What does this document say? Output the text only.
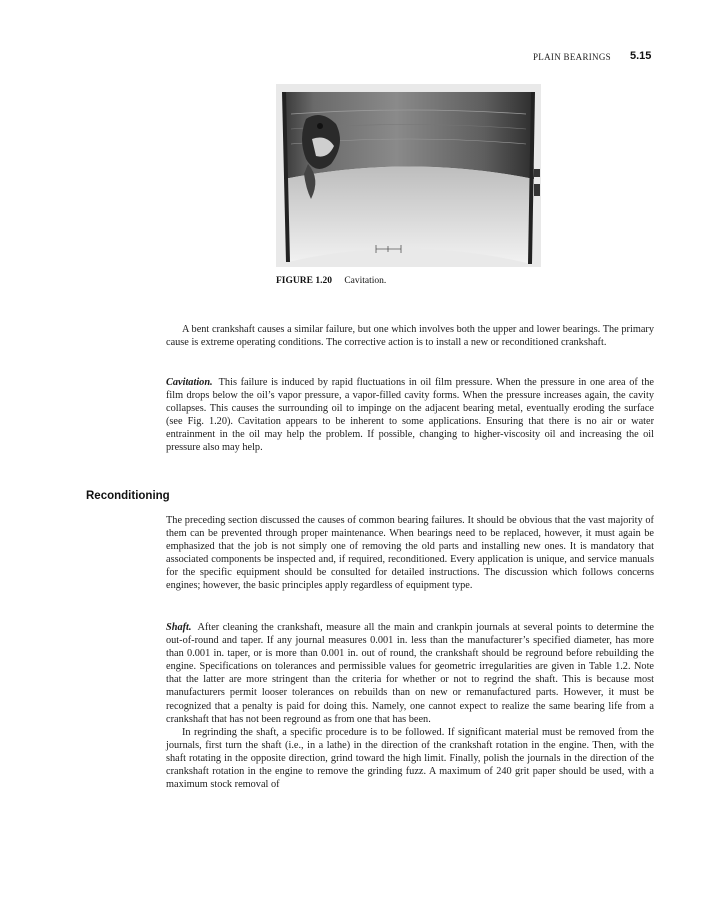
PLAIN BEARINGS 5.15
FIGURE 1.20 Cavitation.

A bent crankshaft causes a similar failure, but one which involves both the upper and lower bearings. The primary cause is extreme operating conditions. The corrective action is to install a new or reconditioned crankshaft.

Cavitation. This failure is induced by rapid fluctuations in oil film pressure. When the pressure in one area of the film drops below the oil’s vapor pressure, a vapor-filled cavity forms. When the pressure increases again, the cavity collapses. This causes the surrounding oil to impinge on the adjacent bearing metal, eventually eroding the surface (see Fig. 1.20). Cavitation appears to be inherent to some applications. Ensuring that there is no air or water entrainment in the oil may help the problem. If possible, changing to higher-viscosity oil and increasing the oil pressure also may help.

Reconditioning

The preceding section discussed the causes of common bearing failures. It should be obvious that the vast majority of them can be prevented through proper maintenance. When bearings need to be replaced, however, it must again be emphasized that the job is not simply one of removing the old parts and installing new ones. It is mandatory that associated components be inspected and, if required, reconditioned. Every application is unique, and service manuals for the specific equipment should be consulted for detailed instructions. The discussion which follows concerns engines; however, the basic principles apply regardless of equipment type.

Shaft. After cleaning the crankshaft, measure all the main and crankpin journals at several points to determine the out-of-round and taper. If any journal measures 0.001 in. less than the manufacturer’s specified diameter, has more than 0.001 in. taper, or is more than 0.001 in. out of round, the crankshaft should be reground before rebuilding the engine. Specifications on tolerances and permissible values for geometric irregularities are given in Table 1.2. Note that the latter are more stringent than the criteria for whether or not to regrind the shaft. This is because most manufacturers permit looser tolerances on rebuilds than on new or remanufactured parts. However, it must be recognized that a penalty is paid for doing this. Namely, one cannot expect to realize the same bearing life from a crankshaft that has not been reground as from one that has been.

In regrinding the shaft, a specific procedure is to be followed. If significant material must be removed from the journals, first turn the shaft (i.e., in a lathe) in the direction of the crankshaft rotation in the engine. Then, with the shaft rotating in the opposite direction, grind toward the high limit. Finally, polish the journals in the direction of the crankshaft rotation in the engine to remove the grinding fuzz. A maximum of 240 grit paper should be used, with a maximum stock removal of
